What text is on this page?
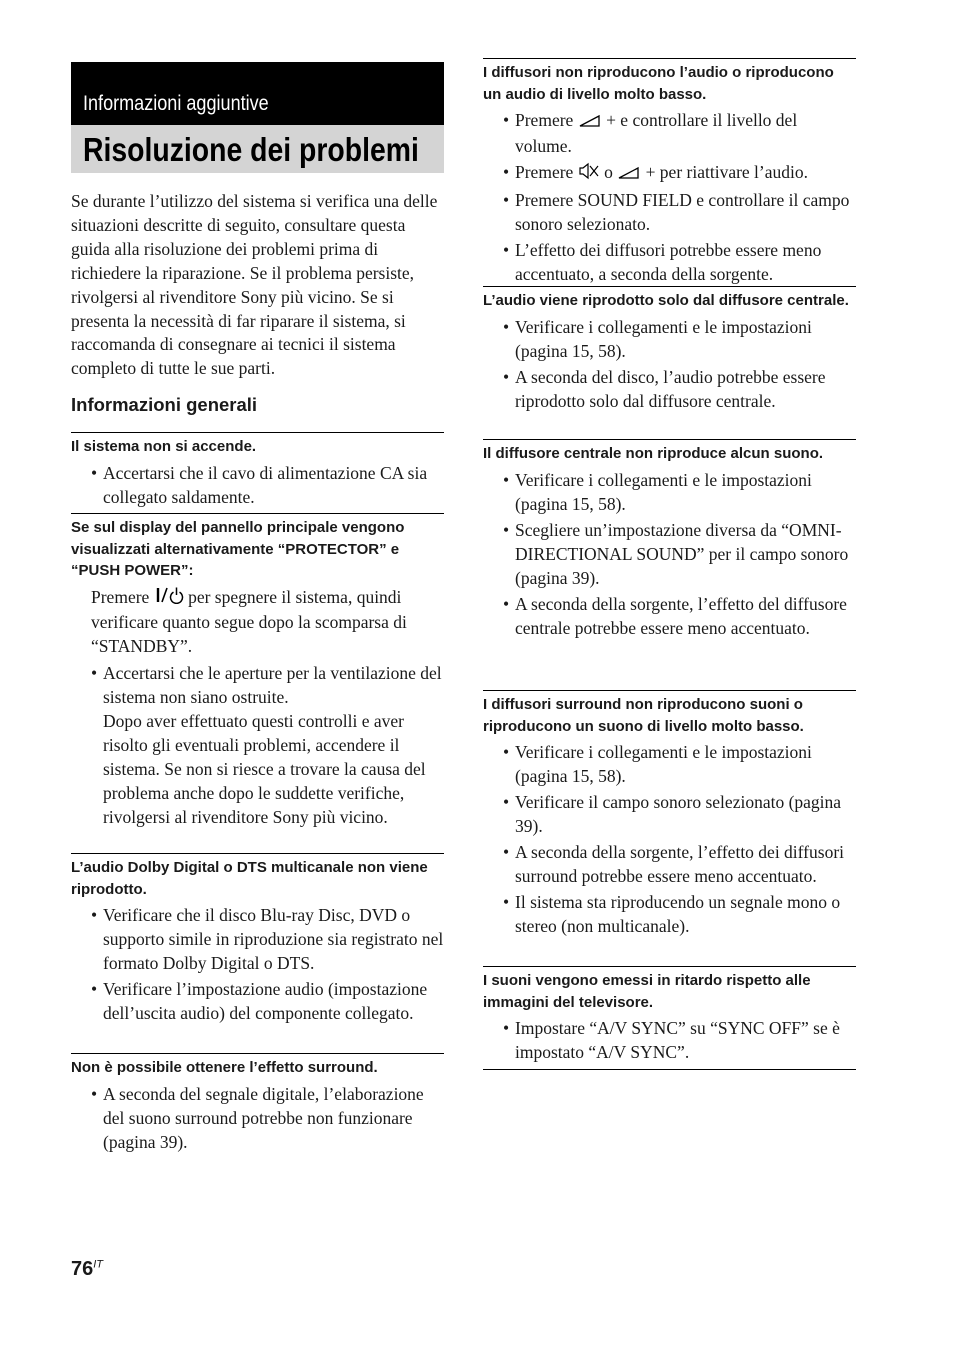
Informazioni aggiuntive
Risoluzione dei problemi

Se durante l’utilizzo del sistema si verifica una delle situazioni descritte di seguito, consultare questa guida alla risoluzione dei problemi prima di richiedere la riparazione. Se il problema persiste, rivolgersi al rivenditore Sony più vicino. Se si presenta la necessità di far riparare il sistema, si raccomanda di consegnare ai tecnici il sistema completo di tutte le sue parti.

Informazioni generali
Il sistema non si accende.
• Accertarsi che il cavo di alimentazione CA sia collegato saldamente.
Se sul display del pannello principale vengono visualizzati alternativamente “PROTECTOR” e “PUSH POWER”:

Premere per spegnere il sistema, quindi verificare quanto segue dopo la scomparsa di “STANDBY”.

• Accertarsi che le aperture per la ventilazione del sistema non siano ostruite.
Dopo aver effettuato questi controlli e aver risolto gli eventuali problemi, accendere il sistema. Se non si riesce a trovare la causa del problema anche dopo le suddette verifiche, rivolgersi al rivenditore Sony più vicino.
L’audio Dolby Digital o DTS multicanale non viene riprodotto.
• Verificare che il disco Blu-ray Disc, DVD o supporto simile in riproduzione sia registrato nel formato Dolby Digital o DTS.
• Verificare l’impostazione audio (impostazione dell’uscita audio) del componente collegato.
Non è possibile ottenere l’effetto surround.
• A seconda del segnale digitale, l’elaborazione del suono surround potrebbe non funzionare (pagina 39).
I diffusori non riproducono l’audio o riproducono un audio di livello molto basso.
• Premere + e controllare il livello del volume.
• Premere o + per riattivare l’audio.
• Premere SOUND FIELD e controllare il campo sonoro selezionato.
• L’effetto dei diffusori potrebbe essere meno accentuato, a seconda della sorgente.
L’audio viene riprodotto solo dal diffusore centrale.
• Verificare i collegamenti e le impostazioni (pagina 15, 58).
• A seconda del disco, l’audio potrebbe essere riprodotto solo dal diffusore centrale.
Il diffusore centrale non riproduce alcun suono.
• Verificare i collegamenti e le impostazioni (pagina 15, 58).
• Scegliere un’impostazione diversa da “OMNI-DIRECTIONAL SOUND” per il campo sonoro (pagina 39).
• A seconda della sorgente, l’effetto del diffusore centrale potrebbe essere meno accentuato.
I diffusori surround non riproducono suoni o riproducono un suono di livello molto basso.
• Verificare i collegamenti e le impostazioni (pagina 15, 58).
• Verificare il campo sonoro selezionato (pagina 39).
• A seconda della sorgente, l’effetto dei diffusori surround potrebbe essere meno accentuato.
• Il sistema sta riproducendo un segnale mono o stereo (non multicanale).
I suoni vengono emessi in ritardo rispetto alle immagini del televisore.
• Impostare “A/V SYNC” su “SYNC OFF” se è impostato “A/V SYNC”.
$76^{IT}$
